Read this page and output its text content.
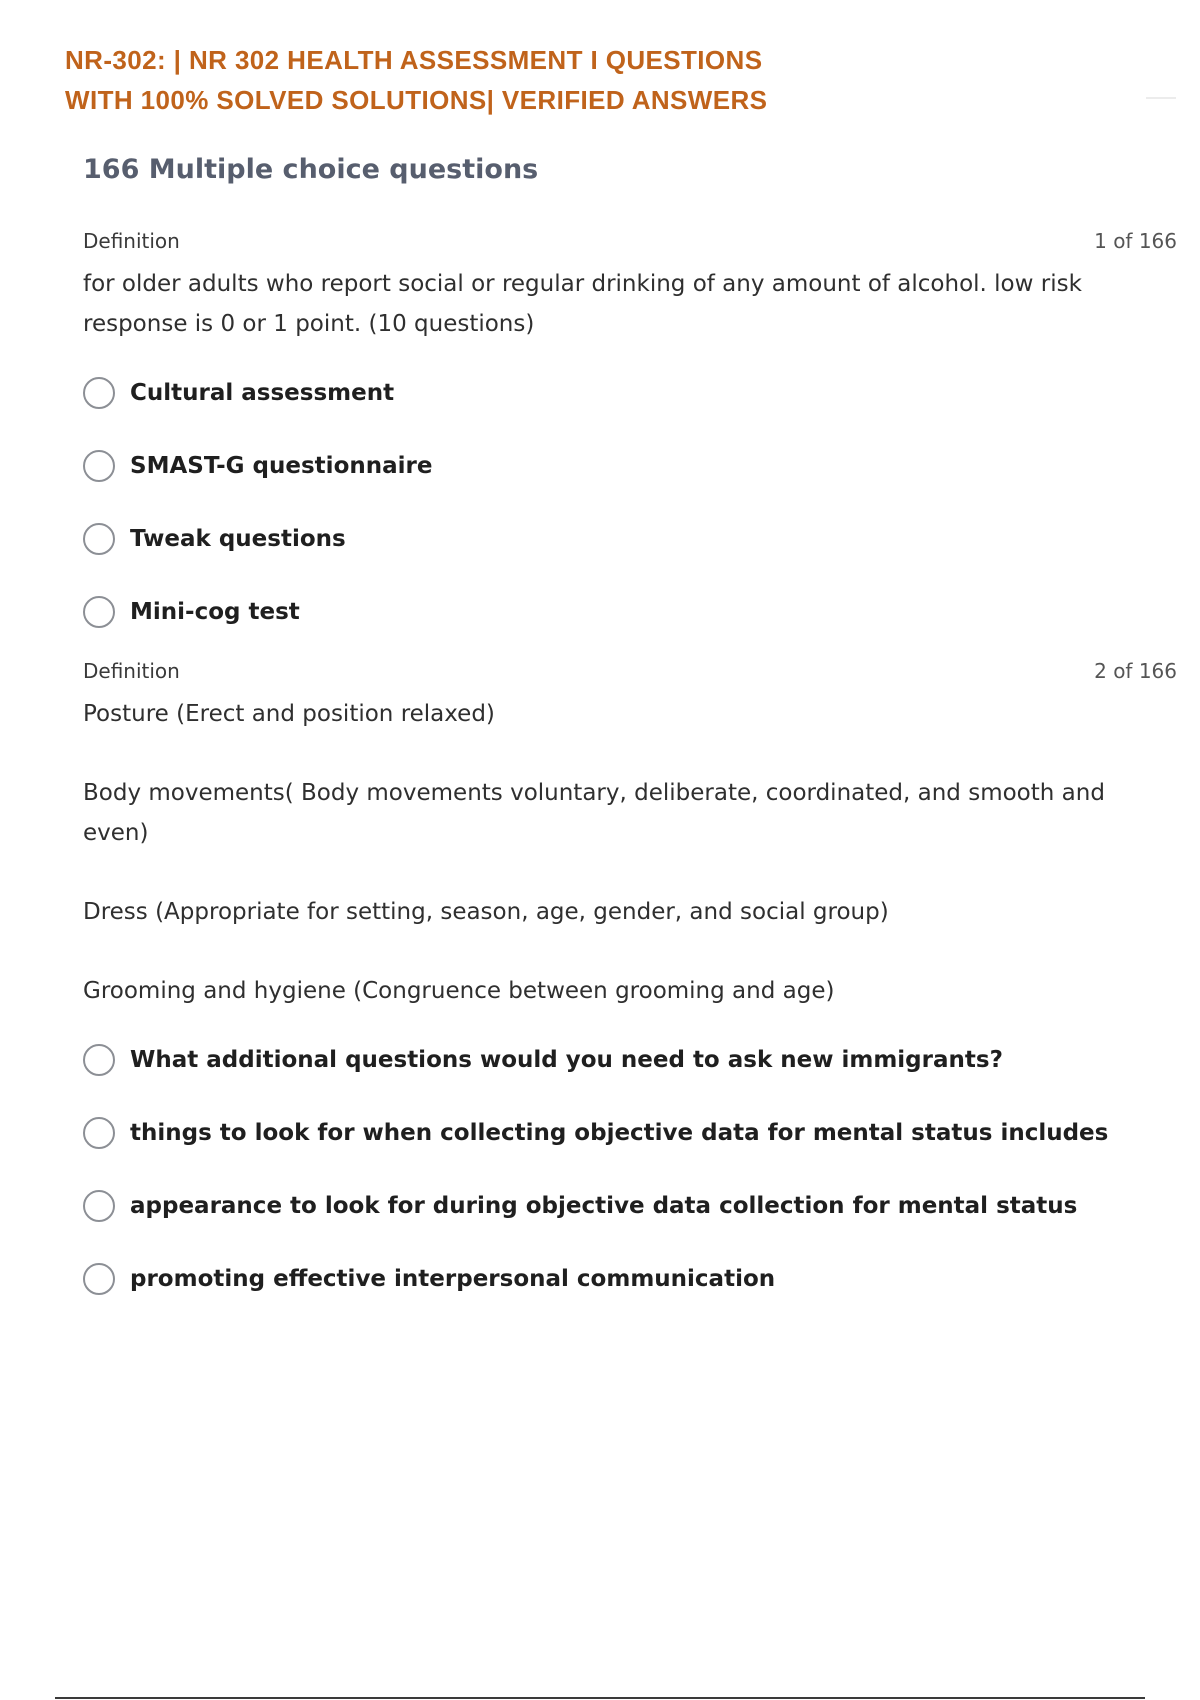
NR-302: | NR 302 HEALTH ASSESSMENT I QUESTIONS
WITH 100% SOLVED SOLUTIONS| VERIFIED ANSWERS
166 Multiple choice questions
Definition	1 of 166

for older adults who report social or regular drinking of any amount of alcohol. low risk response is 0 or 1 point. (10 questions)

Cultural assessment
SMAST-G questionnaire
Tweak questions
Mini-cog test
Definition	2 of 166

Posture (Erect and position relaxed)

Body movements( Body movements voluntary, deliberate, coordinated, and smooth and even)

Dress (Appropriate for setting, season, age, gender, and social group)

Grooming and hygiene (Congruence between grooming and age)

What additional questions would you need to ask new immigrants?
things to look for when collecting objective data for mental status includes
appearance to look for during objective data collection for mental status
promoting effective interpersonal communication
